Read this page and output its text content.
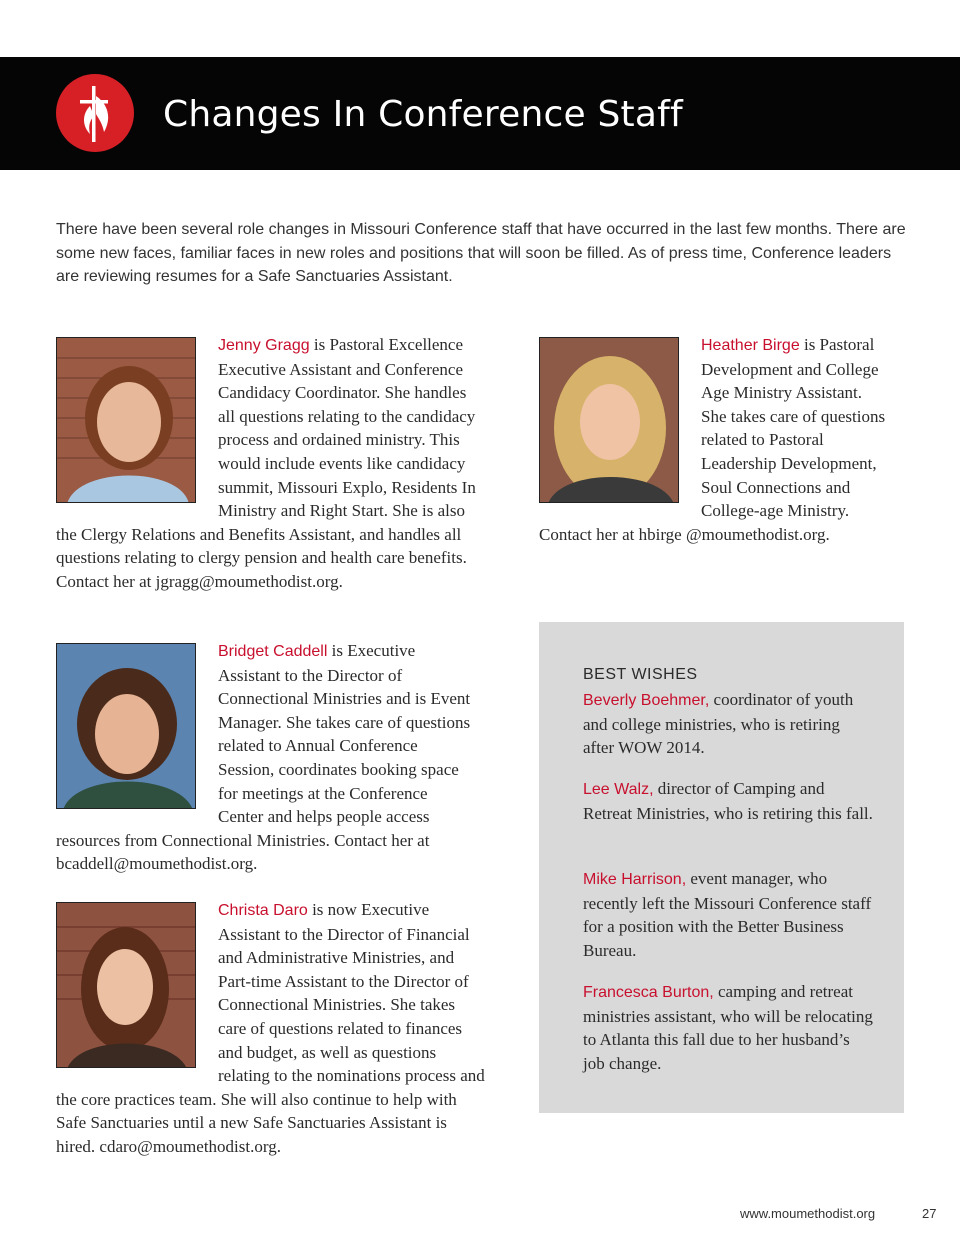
Changes In Conference Staff

There have been several role changes in Missouri Conference staff that have occurred in the last few months. There are some new faces, familiar faces in new roles and positions that will soon be filled. As of press time, Conference leaders are reviewing resumes for a Safe Sanctuaries Assistant.

Jenny Gragg is Pastoral Excellence Executive Assistant and Conference Candidacy Coordinator. She handles all questions relating to the candidacy process and ordained ministry. This would include events like candidacy summit, Missouri Explo, Residents In Ministry and Right Start. She is also the Clergy Relations and Benefits Assistant, and handles all questions relating to clergy pension and health care benefits. Contact her at jgragg@moumethodist.org.

Heather Birge is Pastoral Development and College Age Ministry Assistant. She takes care of questions related to Pastoral Leadership Development, Soul Connections and College-age Ministry. Contact her at hbirge @moumethodist.org.

Bridget Caddell is Executive Assistant to the Director of Connectional Ministries and is Event Manager. She takes care of questions related to Annual Conference Session, coordinates booking space for meetings at the Conference Center and helps people access resources from Connectional Ministries. Contact her at bcaddell@moumethodist.org.

Christa Daro is now Executive Assistant to the Director of Financial and Administrative Ministries, and Part-time Assistant to the Director of Connectional Ministries. She takes care of questions related to finances and budget, as well as questions relating to the nominations process and the core practices team. She will also continue to help with Safe Sanctuaries until a new Safe Sanctuaries Assistant is hired. cdaro@moumethodist.org.

BEST WISHES

Beverly Boehmer, coordinator of youth and college ministries, who is retiring after WOW 2014.

Lee Walz, director of Camping and Retreat Ministries, who is retiring this fall.

Mike Harrison, event manager, who recently left the Missouri Conference staff for a position with the Better Business Bureau.

Francesca Burton, camping and retreat ministries assistant, who will be relocating to Atlanta this fall due to her husband’s job change.

www.moumethodist.org	27
